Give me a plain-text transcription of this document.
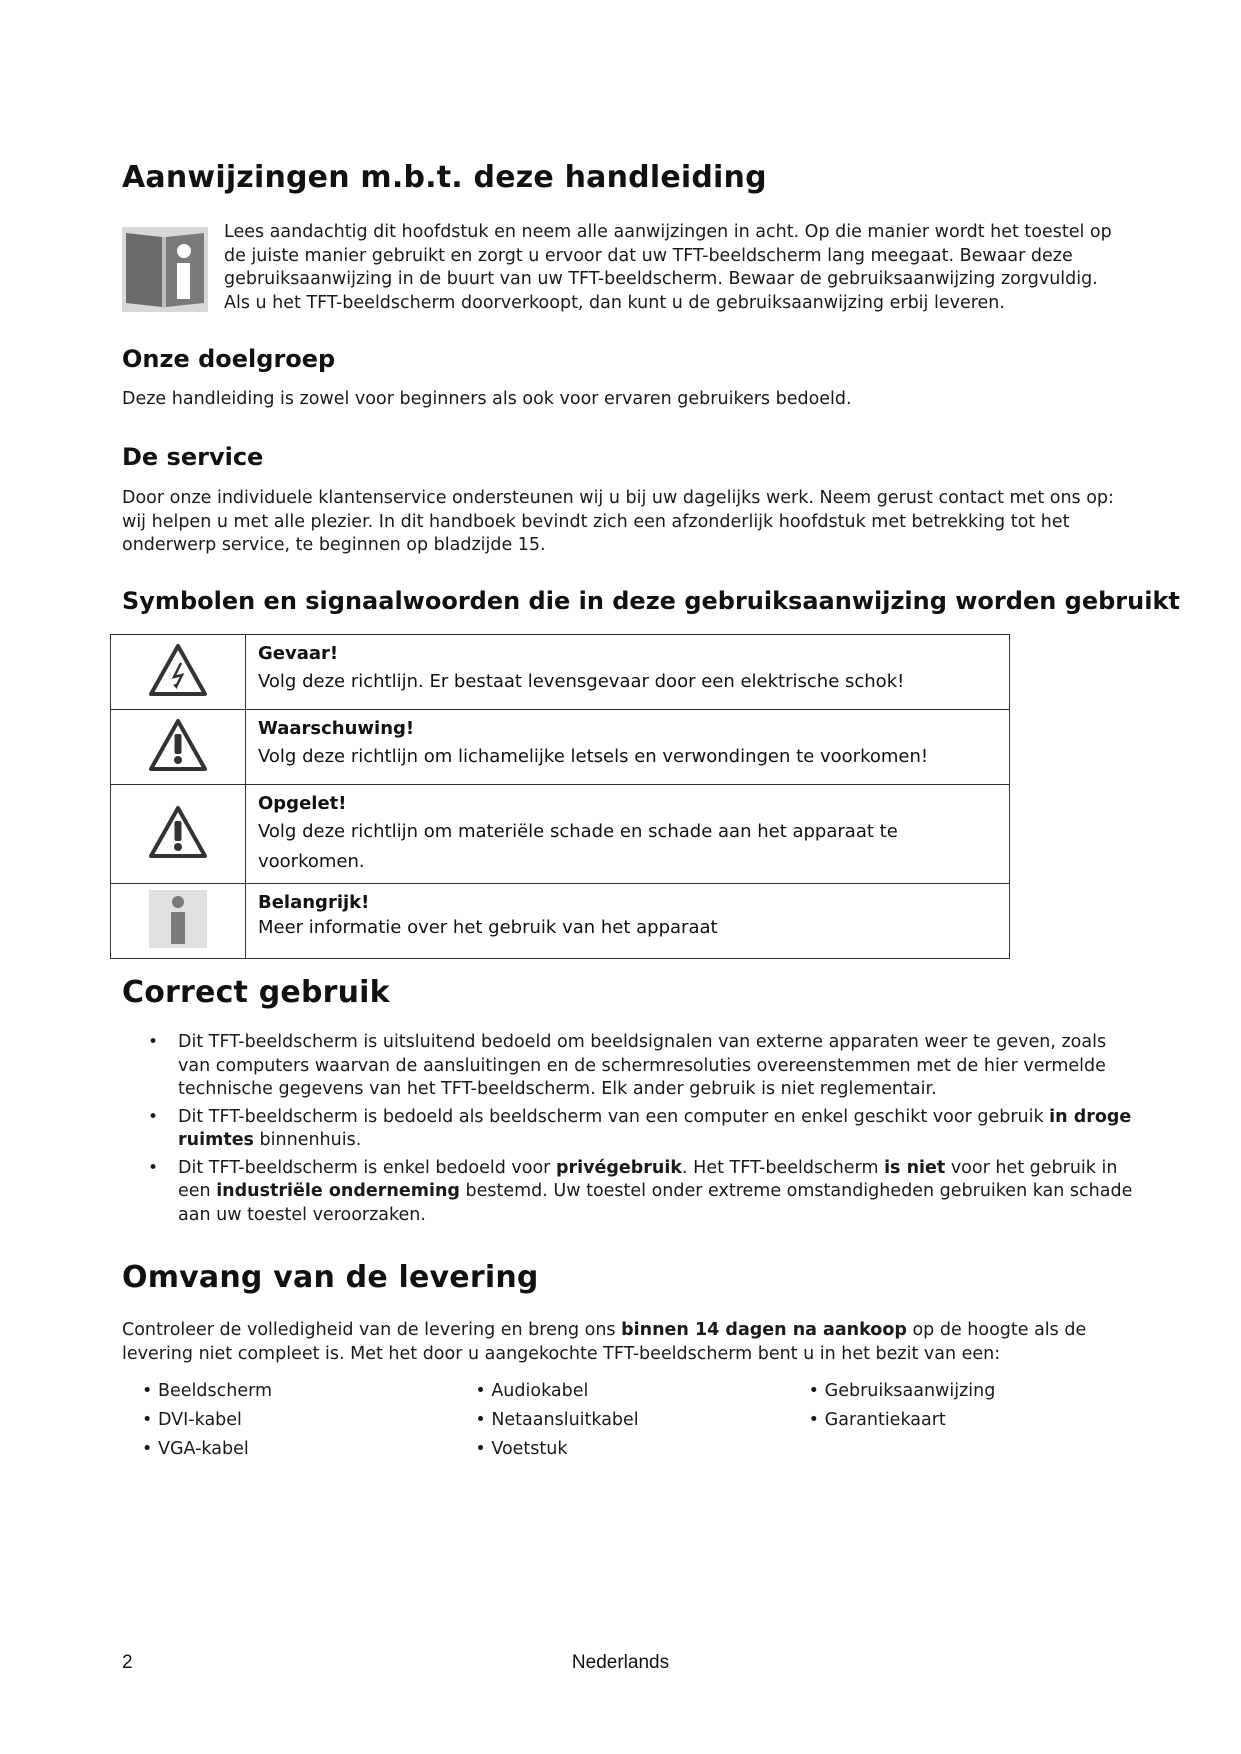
Aanwijzingen m.b.t. deze handleiding

Lees aandachtig dit hoofdstuk en neem alle aanwijzingen in acht. Op die manier wordt het toestel op de juiste manier gebruikt en zorgt u ervoor dat uw TFT-beeldscherm lang meegaat. Bewaar deze gebruiksaanwijzing in de buurt van uw TFT-beeldscherm. Bewaar de gebruiksaanwijzing zorgvuldig. Als u het TFT-beeldscherm doorverkoopt, dan kunt u de gebruiksaanwijzing erbij leveren.

Onze doelgroep

Deze handleiding is zowel voor beginners als ook voor ervaren gebruikers bedoeld.

De service

Door onze individuele klantenservice ondersteunen wij u bij uw dagelijks werk. Neem gerust contact met ons op: wij helpen u met alle plezier. In dit handboek bevindt zich een afzonderlijk hoofdstuk met betrekking tot het onderwerp service, te beginnen op bladzijde 15.

Symbolen en signaalwoorden die in deze gebruiksaanwijzing worden gebruikt

Gevaar!
Volg deze richtlijn. Er bestaat levensgevaar door een elektrische schok!

Waarschuwing!
Volg deze richtlijn om lichamelijke letsels en verwondingen te voorkomen!

Opgelet!
Volg deze richtlijn om materiële schade en schade aan het apparaat te voorkomen.

Belangrijk!
Meer informatie over het gebruik van het apparaat
Correct gebruik
• Dit TFT-beeldscherm is uitsluitend bedoeld om beeldsignalen van externe apparaten weer te geven, zoals van computers waarvan de aansluitingen en de schermresoluties overeenstemmen met de hier vermelde technische gegevens van het TFT-beeldscherm. Elk ander gebruik is niet reglementair.
• Dit TFT-beeldscherm is bedoeld als beeldscherm van een computer en enkel geschikt voor gebruik in droge ruimtes binnenhuis.
• Dit TFT-beeldscherm is enkel bedoeld voor privégebruik. Het TFT-beeldscherm is niet voor het gebruik in een industriële onderneming bestemd. Uw toestel onder extreme omstandigheden gebruiken kan schade aan uw toestel veroorzaken.
Omvang van de levering

Controleer de volledigheid van de levering en breng ons binnen 14 dagen na aankoop op de hoogte als de levering niet compleet is. Met het door u aangekochte TFT-beeldscherm bent u in het bezit van een:

• Beeldscherm
• DVI-kabel
• VGA-kabel
• Audiokabel
• Netaansluitkabel
• Voetstuk
• Gebruiksaanwijzing
• Garantiekaart
2	Nederlands
